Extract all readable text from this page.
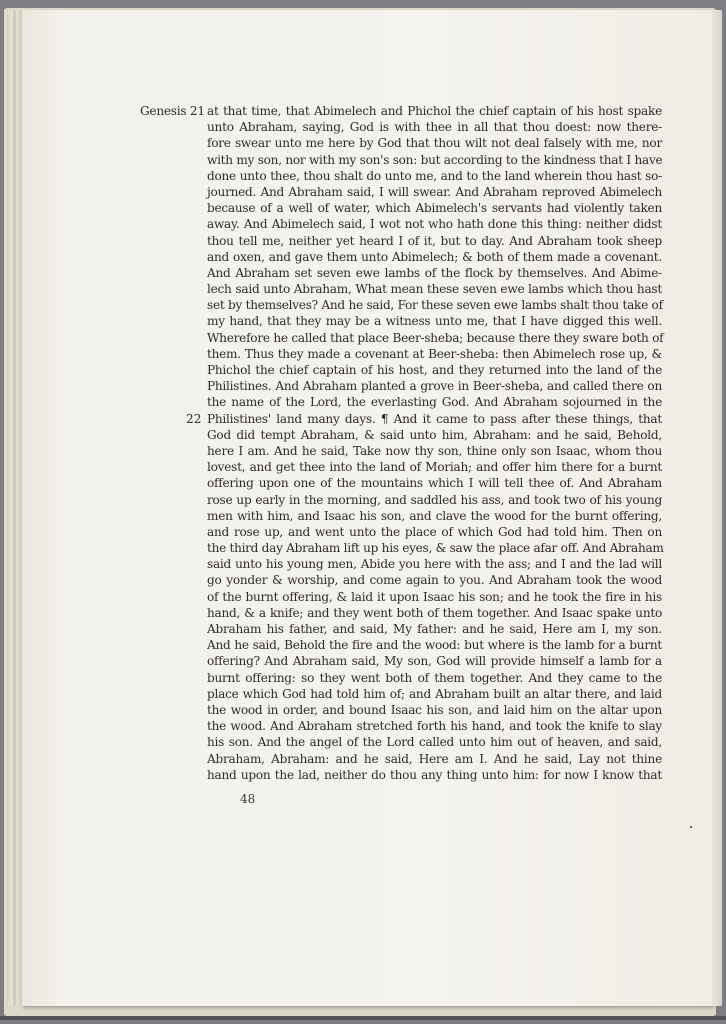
Genesis 21
22
at that time, that Abimelech and Phichol the chief captain of his host spake
unto Abraham, saying, God is with thee in all that thou doest: now there-
fore swear unto me here by God that thou wilt not deal falsely with me, nor
with my son, nor with my son's son: but according to the kindness that I have
done unto thee, thou shalt do unto me, and to the land wherein thou hast so-
journed. And Abraham said, I will swear. And Abraham reproved Abimelech
because of a well of water, which Abimelech's servants had violently taken
away. And Abimelech said, I wot not who hath done this thing: neither didst
thou tell me, neither yet heard I of it, but to day. And Abraham took sheep
and oxen, and gave them unto Abimelech; & both of them made a covenant.
And Abraham set seven ewe lambs of the flock by themselves. And Abime-
lech said unto Abraham, What mean these seven ewe lambs which thou hast
set by themselves? And he said, For these seven ewe lambs shalt thou take of
my hand, that they may be a witness unto me, that I have digged this well.
Wherefore he called that place Beer-sheba; because there they sware both of
them. Thus they made a covenant at Beer-sheba: then Abimelech rose up, &
Phichol the chief captain of his host, and they returned into the land of the
Philistines. And Abraham planted a grove in Beer-sheba, and called there on
the name of the Lord, the everlasting God. And Abraham sojourned in the
Philistines' land many days. ¶ And it came to pass after these things, that
God did tempt Abraham, & said unto him, Abraham: and he said, Behold,
here I am. And he said, Take now thy son, thine only son Isaac, whom thou
lovest, and get thee into the land of Moriah; and offer him there for a burnt
offering upon one of the mountains which I will tell thee of. And Abraham
rose up early in the morning, and saddled his ass, and took two of his young
men with him, and Isaac his son, and clave the wood for the burnt offering,
and rose up, and went unto the place of which God had told him. Then on
the third day Abraham lift up his eyes, & saw the place afar off. And Abraham
said unto his young men, Abide you here with the ass; and I and the lad will
go yonder & worship, and come again to you. And Abraham took the wood
of the burnt offering, & laid it upon Isaac his son; and he took the fire in his
hand, & a knife; and they went both of them together. And Isaac spake unto
Abraham his father, and said, My father: and he said, Here am I, my son.
And he said, Behold the fire and the wood: but where is the lamb for a burnt
offering? And Abraham said, My son, God will provide himself a lamb for a
burnt offering: so they went both of them together. And they came to the
place which God had told him of; and Abraham built an altar there, and laid
the wood in order, and bound Isaac his son, and laid him on the altar upon
the wood. And Abraham stretched forth his hand, and took the knife to slay
his son. And the angel of the Lord called unto him out of heaven, and said,
Abraham, Abraham: and he said, Here am I. And he said, Lay not thine
hand upon the lad, neither do thou any thing unto him: for now I know that
48
